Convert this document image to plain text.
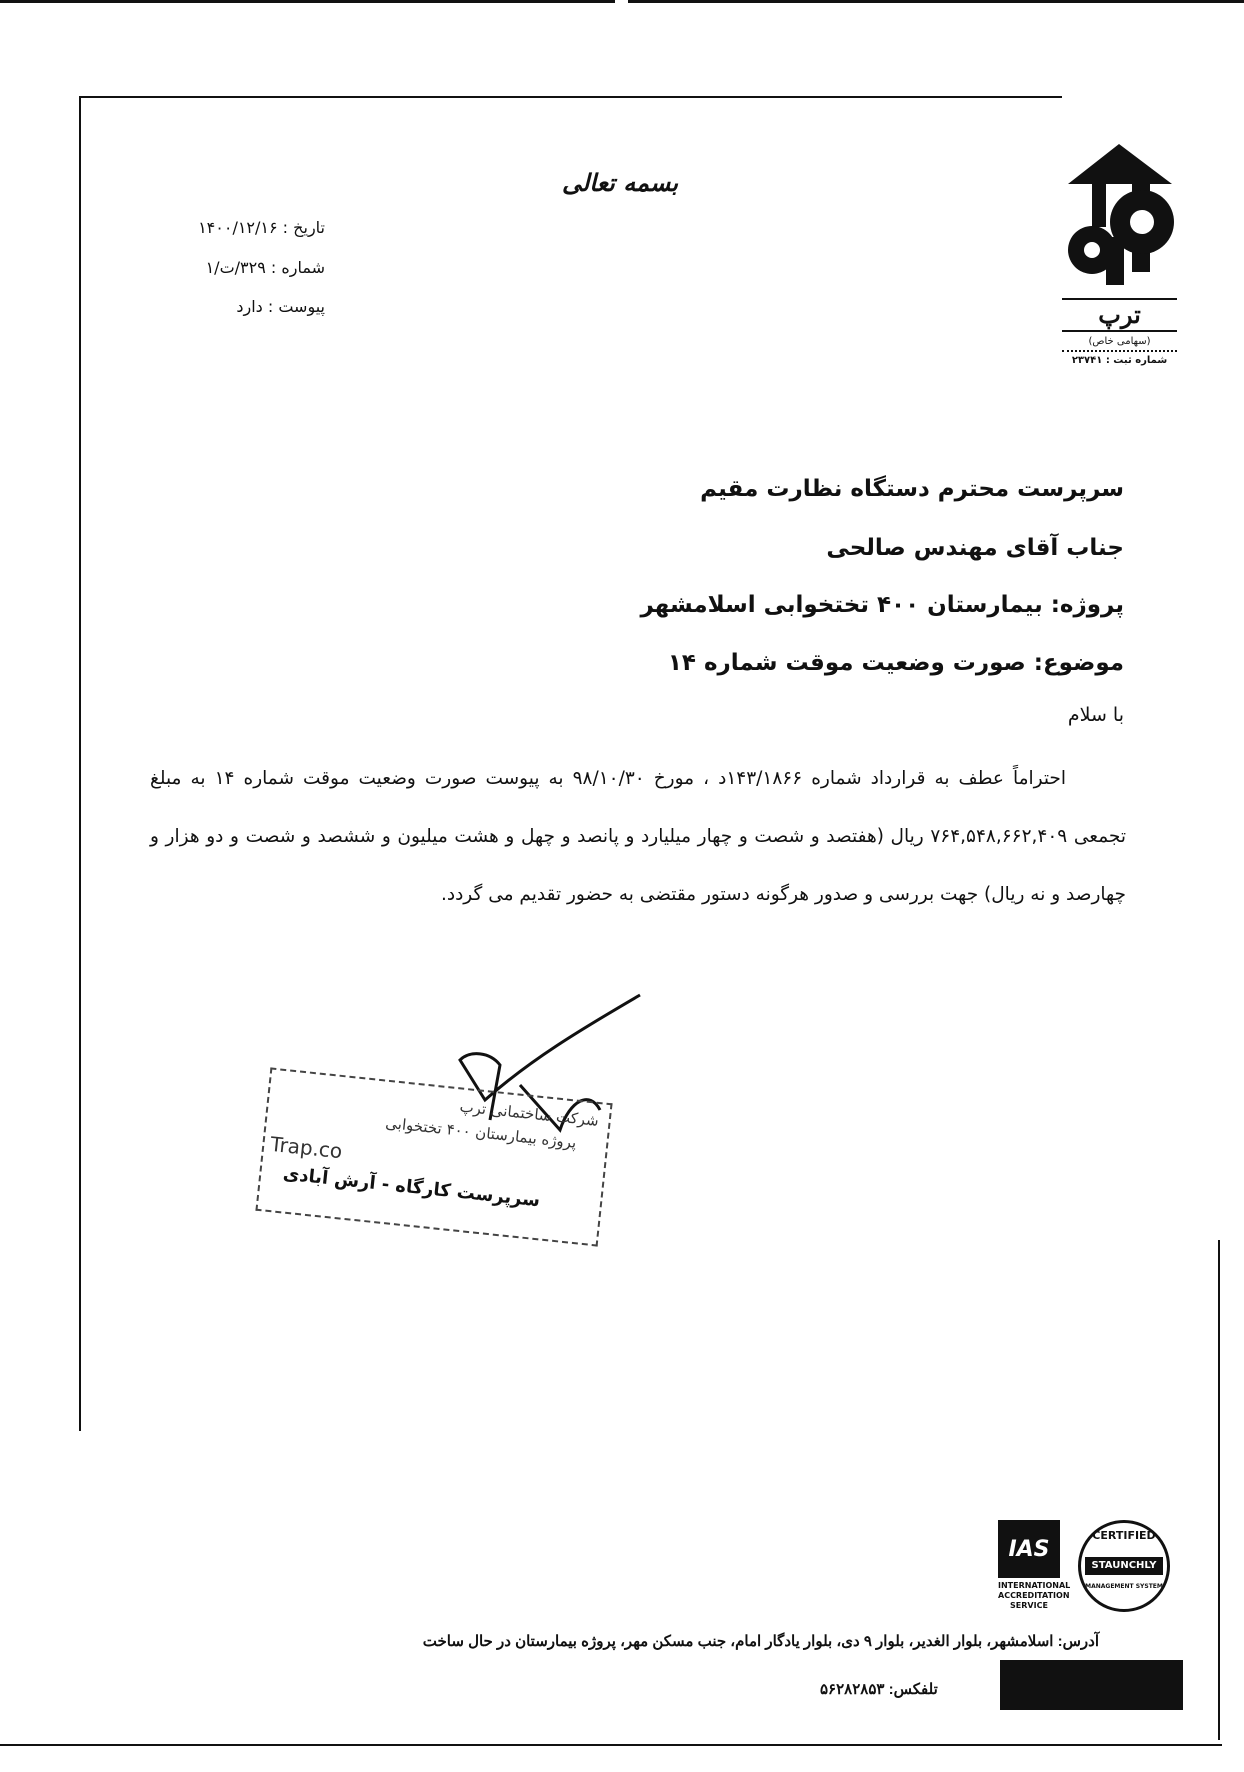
بسمه تعالی
تاریخ : ۱۴۰۰/۱۲/۱۶
شماره : ۳۲۹/ت/۱
پیوست : دارد	ترپ
(سهامی خاص)
شماره ثبت : ۲۳۷۴۱
سرپرست محترم دستگاه نظارت مقیم
جناب آقای مهندس صالحی
پروژه: بیمارستان ۴۰۰ تختخوابی اسلامشهر
موضوع: صورت وضعیت موقت شماره ۱۴
با سلام

احتراماً عطف به قرارداد شماره ۱۴۳/۱۸۶۶د ، مورخ ۹۸/۱۰/۳۰ به پیوست صورت وضعیت موقت شماره ۱۴ به مبلغ تجمعی ۷۶۴,۵۴۸,۶۶۲,۴۰۹ ریال (هفتصد و شصت و چهار میلیارد و پانصد و چهل و هشت میلیون و ششصد و شصت و دو هزار و چهارصد و نه ریال) جهت بررسی و صدور هرگونه دستور مقتضی به حضور تقدیم می گردد.

شرکت ساختمانی ترپ
پروژه بیمارستان ۴۰۰ تختخوابی
Trap.co
سرپرست کارگاه - آرش آبادی
IAS
INTERNATIONAL ACCREDITATION SERVICE
CERTIFIED
STAUNCHLY
MANAGEMENT SYSTEM
آدرس: اسلامشهر، بلوار الغدیر، بلوار ۹ دی، بلوار یادگار امام، جنب مسکن مهر، پروژه بیمارستان در حال ساخت
تلفکس: ۵۶۲۸۲۸۵۳
